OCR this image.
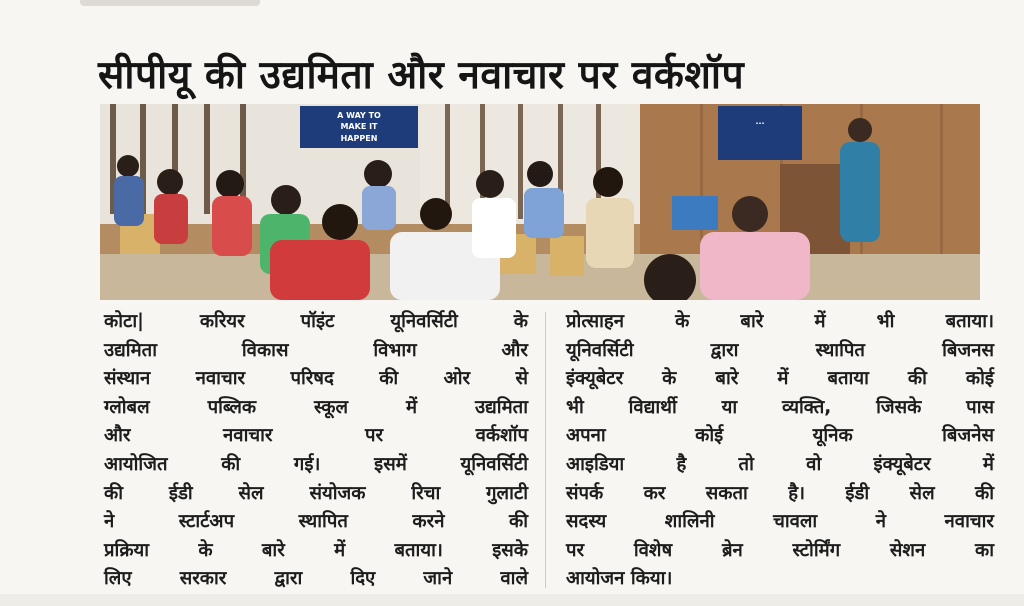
सीपीयू की उद्यमिता और नवाचार पर वर्कशॉप
A WAY TO
MAKE IT
HAPPEN
...
कोटा| करियर पॉइंट यूनिवर्सिटी के
उद्यमिता विकास विभाग और
संस्थान नवाचार परिषद की ओर से
ग्लोबल पब्लिक स्कूल में उद्यमिता
और नवाचार पर वर्कशॉप
आयोजित की गई। इसमें यूनिवर्सिटी
की ईडी सेल संयोजक रिचा गुलाटी
ने स्टार्टअप स्थापित करने की
प्रक्रिया के बारे में बताया। इसके
लिए सरकार द्वारा दिए जाने वाले
प्रोत्साहन के बारे में भी बताया।
यूनिवर्सिटी द्वारा स्थापित बिजनस
इंक्यूबेटर के बारे में बताया की कोई
भी विद्यार्थी या व्यक्ति, जिसके पास
अपना कोई यूनिक बिजनेस
आइडिया है तो वो इंक्यूबेटर में
संपर्क कर सकता है। ईडी सेल की
सदस्य शालिनी चावला ने नवाचार
पर विशेष ब्रेन स्टोर्मिंग सेशन का
आयोजन किया।
